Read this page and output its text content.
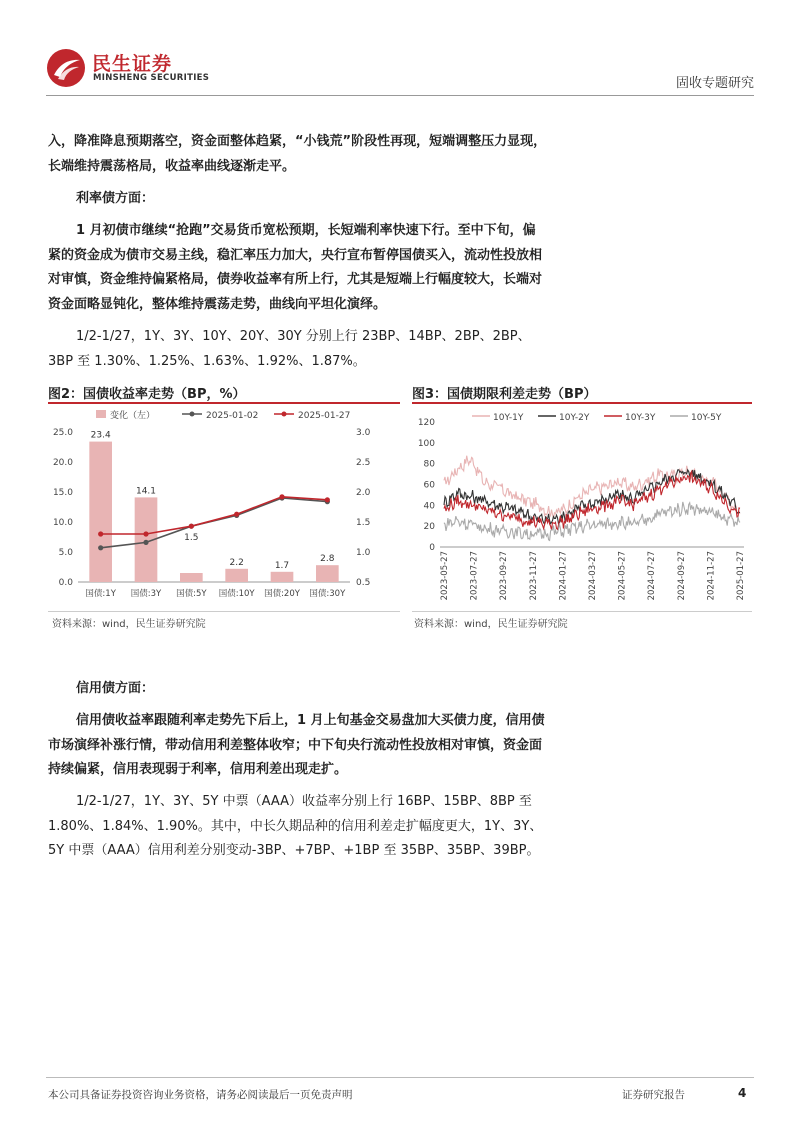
民生证券
MINSHENG SECURITIES	固收专题研究
入，降准降息预期落空，资金面整体趋紧，“小钱荒”阶段性再现，短端调整压力显现，长端维持震荡格局，收益率曲线逐渐走平。
利率债方面：
1 月初债市继续“抢跑”交易货币宽松预期，长短端利率快速下行。至中下旬，偏紧的资金成为债市交易主线，稳汇率压力加大，央行宣布暂停国债买入，流动性投放相对审慎，资金维持偏紧格局，债券收益率有所上行，尤其是短端上行幅度较大，长端对资金面略显钝化，整体维持震荡走势，曲线向平坦化演绎。
1/2-1/27，1Y、3Y、10Y、20Y、30Y 分别上行 23BP、14BP、2BP、2BP、3BP 至 1.30%、1.25%、1.63%、1.92%、1.87%。
图2：国债收益率走势（BP，%）
变化（左）	2025-01-02	2025-01-27
0.0
5.0
10.0
15.0
20.0
25.0
0.5
1.0
1.5
2.0
2.5
3.0
国债:1Y 国债:3Y 国债:5Y 国债:10Y 国债:20Y 国债:30Y
23.4
14.1
1.5
2.2	1.7
2.8
资料来源：wind，民生证券研究院
图3：国债期限利差走势（BP）
10Y-1Y	10Y-2Y	10Y-3Y	10Y-5Y
0
20
40
60
80
100
120
2023-05-27 2023-07-27 2023-09-27 2023-11-27 2024-01-27 2024-03-27 2024-05-27 2024-07-27 2024-09-27 2024-11-27 2025-01-27
资料来源：wind，民生证券研究院
信用债方面：
信用债收益率跟随利率走势先下后上，1 月上旬基金交易盘加大买债力度，信用债市场演绎补涨行情，带动信用利差整体收窄；中下旬央行流动性投放相对审慎，资金面持续偏紧，信用表现弱于利率，信用利差出现走扩。
1/2-1/27，1Y、3Y、5Y 中票（AAA）收益率分别上行 16BP、15BP、8BP 至 1.80%、1.84%、1.90%。其中，中长久期品种的信用利差走扩幅度更大，1Y、3Y、5Y 中票（AAA）信用利差分别变动-3BP、+7BP、+1BP 至 35BP、35BP、39BP。
本公司具备证券投资咨询业务资格，请务必阅读最后一页免责声明	证券研究报告	4
